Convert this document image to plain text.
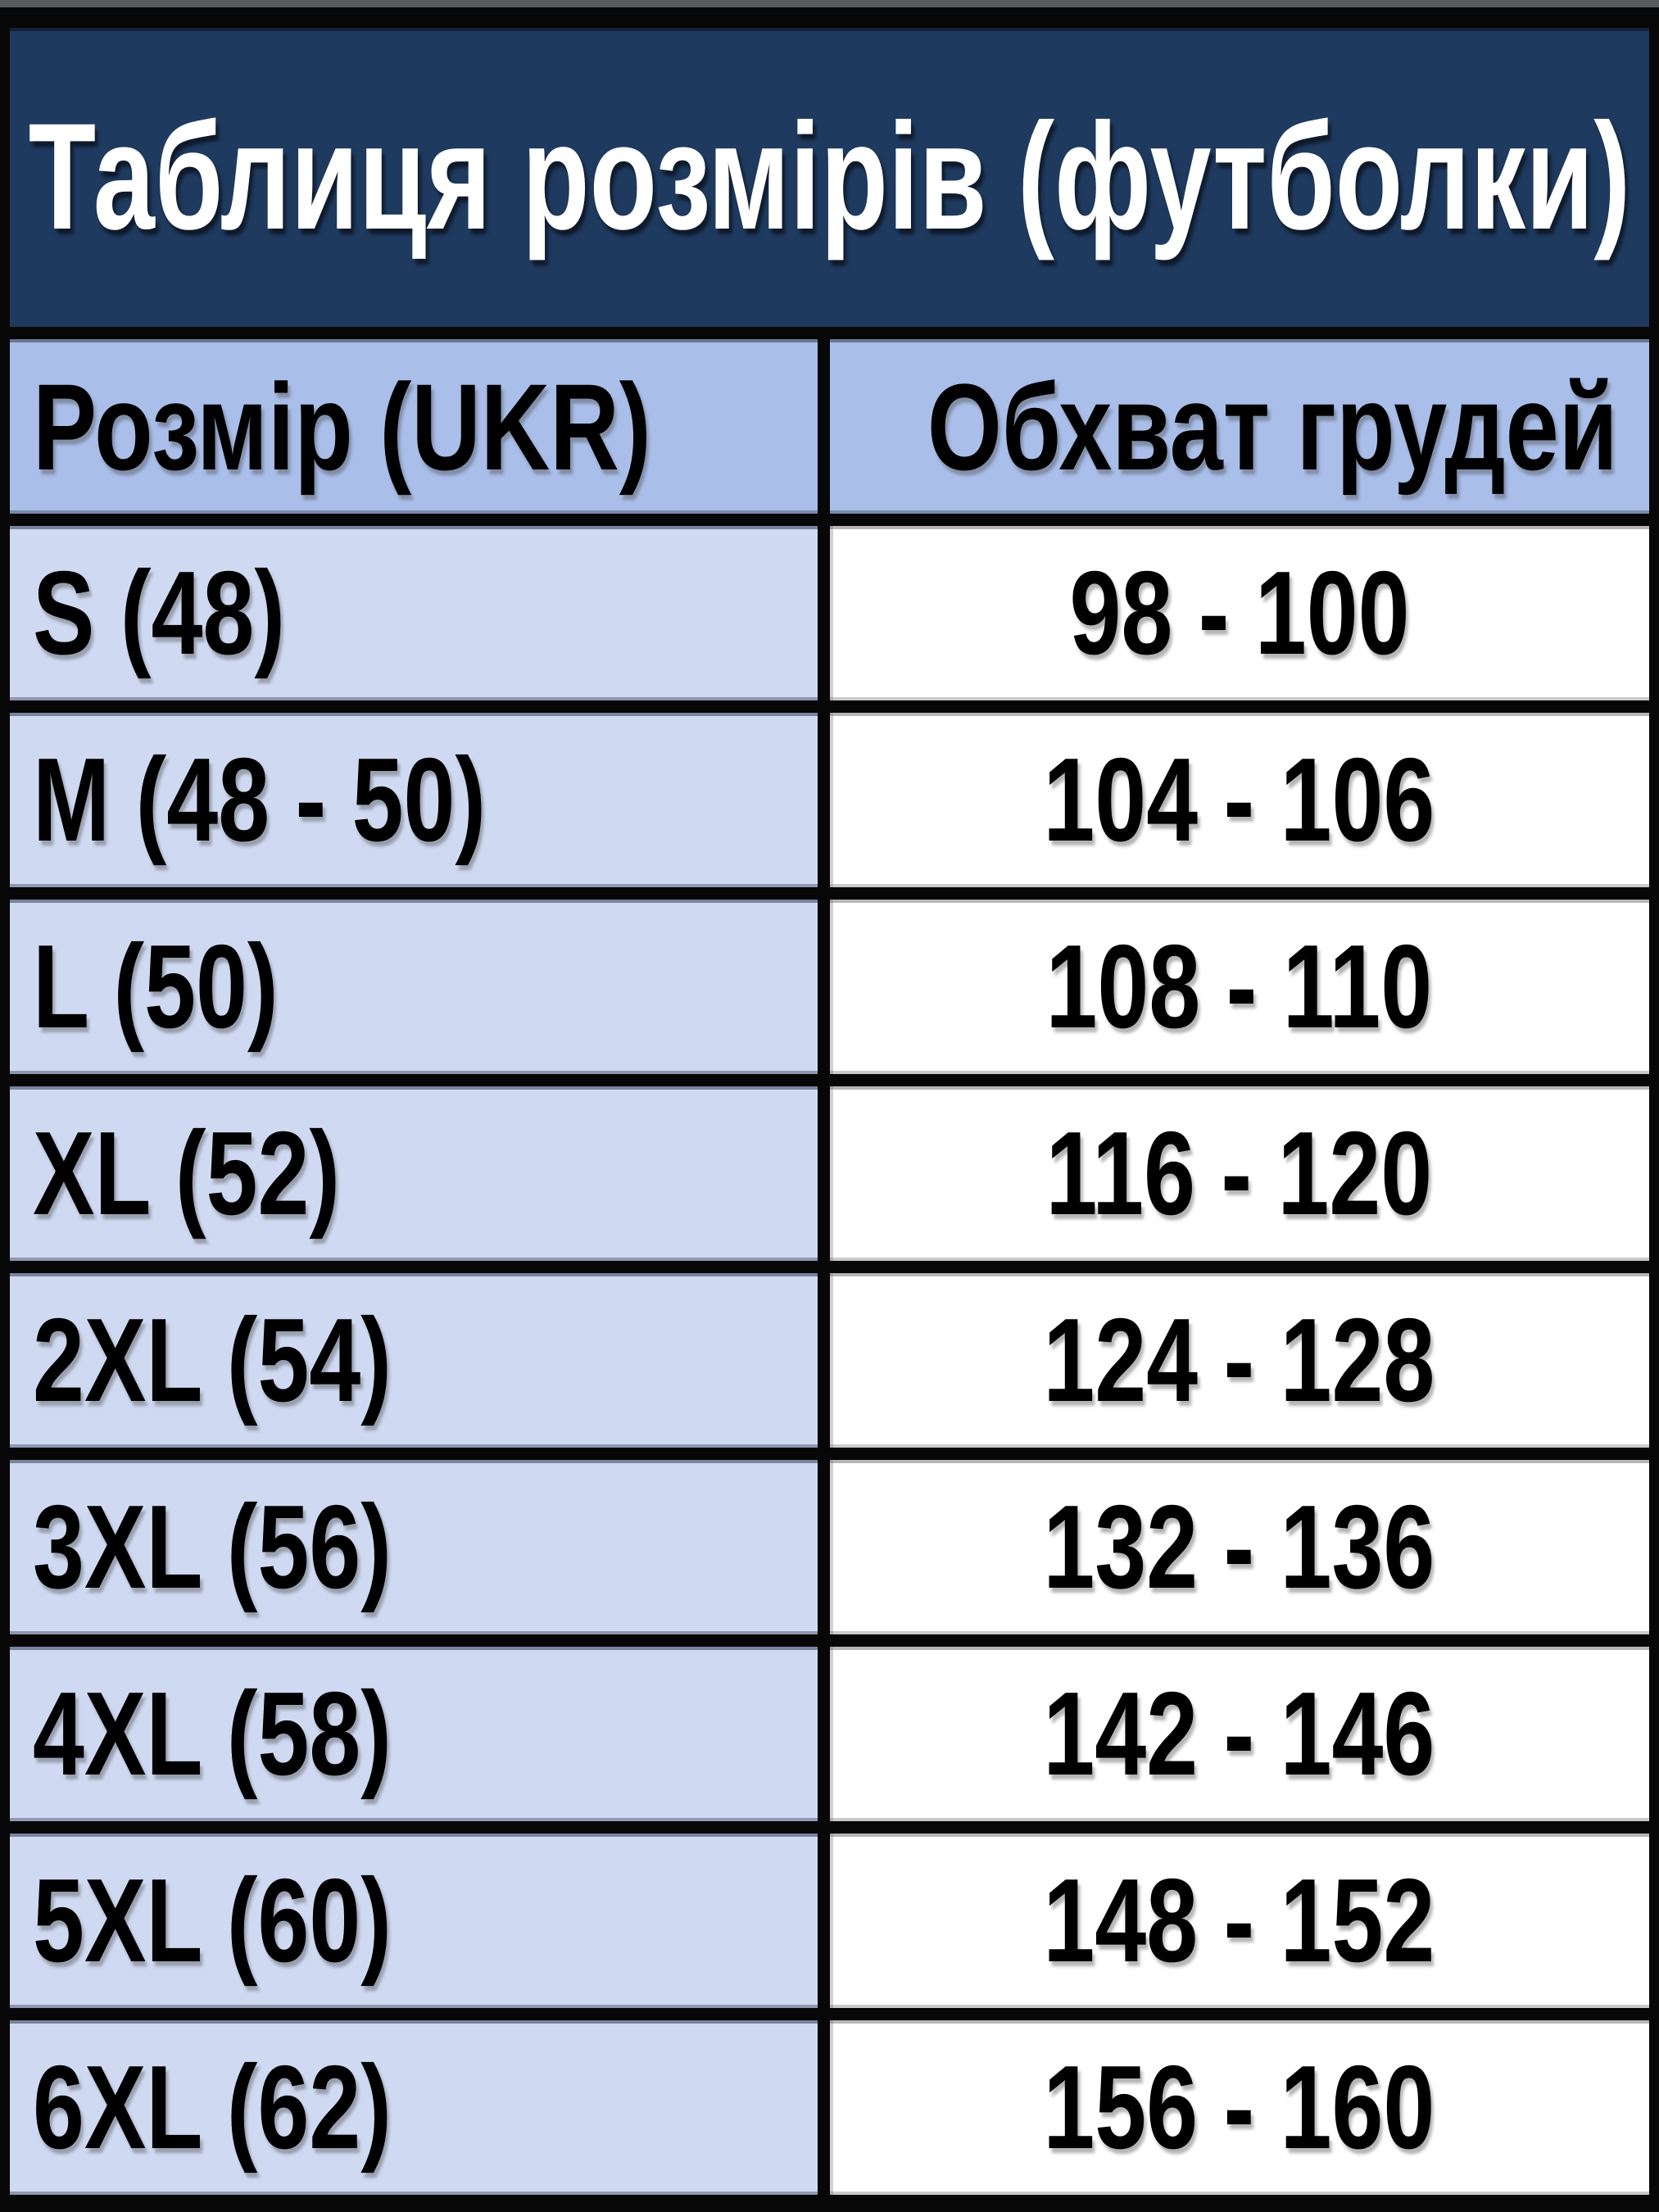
Таблиця розмірів (футболки)
Розмір (UKR)	Обхват грудей
S (48)	98 - 100
M (48 - 50)	104 - 106
L (50)	108 - 110
XL (52)	116 - 120
2XL (54)	124 - 128
3XL (56)	132 - 136
4XL (58)	142 - 146
5XL (60)	148 - 152
6XL (62)	156 - 160
